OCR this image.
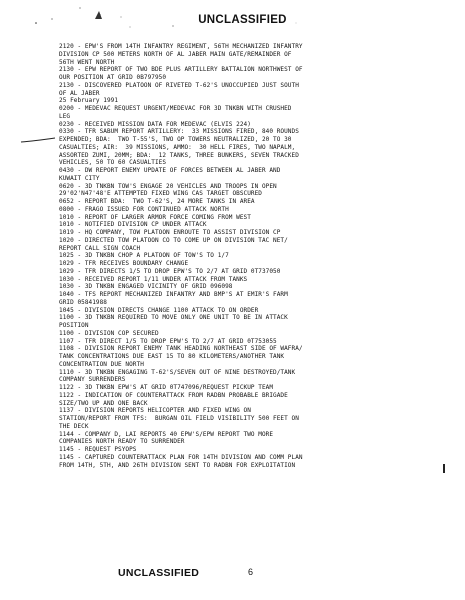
UNCLASSIFIED
2120 - EPW'S FROM 14TH INFANTRY REGIMENT, 56TH MECHANIZED INFANTRY
DIVISION CP 500 METERS NORTH OF AL JABER MAIN GATE/REMAINDER OF
56TH WENT NORTH
2130 - EPW REPORT OF TWO BDE PLUS ARTILLERY BATTALION NORTHWEST OF
OUR POSITION AT GRID 0B797950
2130 - DISCOVERED PLATOON OF RIVETED T-62'S UNOCCUPIED JUST SOUTH
OF AL JABER
25 February 1991
0200 - MEDEVAC REQUEST URGENT/MEDEVAC FOR 3D TNKBN WITH CRUSHED
LEG
0230 - RECEIVED MISSION DATA FOR MEDEVAC (ELVIS 224)
0330 - TFR SABUM REPORT ARTILLERY:  33 MISSIONS FIRED, 840 ROUNDS
EXPENDED; BDA:  TWO T-55'S, TWO OP TOWERS NEUTRALIZED, 20 TO 30
CASUALTIES; AIR:  39 MISSIONS, AMMO:  30 HELL FIRES, TWO NAPALM,
ASSORTED ZUMI, 20MM; BDA:  12 TANKS, THREE BUNKERS, SEVEN TRACKED
VEHICLES, 50 TO 60 CASUALTIES
0430 - DW REPORT ENEMY UPDATE OF FORCES BETWEEN AL JABER AND
KUWAIT CITY
0620 - 3D TNKBN TOW'S ENGAGE 20 VEHICLES AND TROOPS IN OPEN
29'02'N47'48'E ATTEMPTED FIXED WING CAS TARGET OBSCURED
0652 - REPORT BDA:  TWO T-62'S, 24 MORE TANKS IN AREA
0800 - FRAGO ISSUED FOR CONTINUED ATTACK NORTH
1010 - REPORT OF LARGER ARMOR FORCE COMING FROM WEST
1010 - NOTIFIED DIVISION CP UNDER ATTACK
1019 - HQ COMPANY, TOW PLATOON ENROUTE TO ASSIST DIVISION CP
1020 - DIRECTED TOW PLATOON CO TO COME UP ON DIVISION TAC NET/
REPORT CALL SIGN COACH
1025 - 3D TNKBN CHOP A PLATOON OF TOW'S TO 1/7
1029 - TFR RECEIVES BOUNDARY CHANGE
1029 - TFR DIRECTS 1/5 TO DROP EPW'S TO 2/7 AT GRID 0T737050
1030 - RECEIVED REPORT 1/11 UNDER ATTACK FROM TANKS
1030 - 3D TNKBN ENGAGED VICINITY OF GRID 096098
1040 - TFS REPORT MECHANIZED INFANTRY AND BMP'S AT EMIR'S FARM
GRID 05841988
1045 - DIVISION DIRECTS CHANGE 1100 ATTACK TO ON ORDER
1100 - 3D TNKBN REQUIRED TO MOVE ONLY ONE UNIT TO BE IN ATTACK
POSITION
1100 - DIVISION COP SECURED
1107 - TFR DIRECT 1/5 TO DROP EPW'S TO 2/7 AT GRID 0T753055
1108 - DIVISION REPORT ENEMY TANK HEADING NORTHEAST SIDE OF WAFRA/
TANK CONCENTRATIONS DUE EAST 15 TO 80 KILOMETERS/ANOTHER TANK
CONCENTRATION DUE NORTH
1110 - 3D TNKBN ENGAGING T-62'S/SEVEN OUT OF NINE DESTROYED/TANK
COMPANY SURRENDERS
1122 - 3D TNKBN EPW'S AT GRID 0T747096/REQUEST PICKUP TEAM
1122 - INDICATION OF COUNTERATTACK FROM RADBN PROBABLE BRIGADE
SIZE/TWO UP AND ONE BACK
1137 - DIVISION REPORTS HELICOPTER AND FIXED WING ON
STATION/REPORT FROM TFS:  BURGAN OIL FIELD VISIBILITY 500 FEET ON
THE DECK
1144 - COMPANY D, LAI REPORTS 40 EPW'S/EPW REPORT TWO MORE
COMPANIES NORTH READY TO SURRENDER
1145 - REQUEST PSYOPS
1145 - CAPTURED COUNTERATTACK PLAN FOR 14TH DIVISION AND COMM PLAN
FROM 14TH, 5TH, AND 26TH DIVISION SENT TO RADBN FOR EXPLOITATION
UNCLASSIFIED	6
